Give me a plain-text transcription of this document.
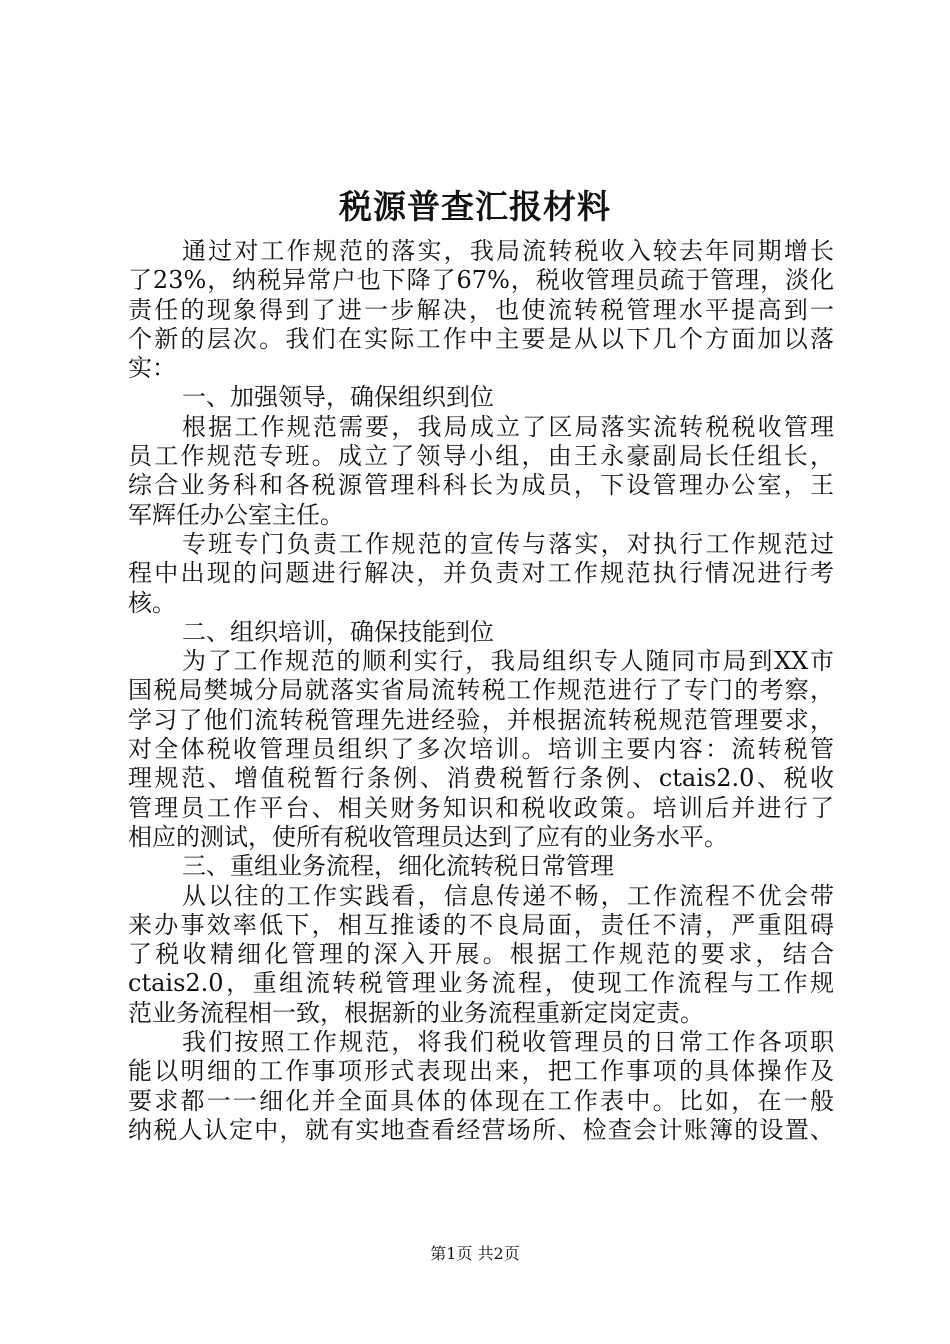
税源普查汇报材料
通过对工作规范的落实，我局流转税收入较去年同期增长
了23%，纳税异常户也下降了67%，税收管理员疏于管理，淡化
责任的现象得到了进一步解决，也使流转税管理水平提高到一
个新的层次。我们在实际工作中主要是从以下几个方面加以落
实：
一、加强领导，确保组织到位
根据工作规范需要，我局成立了区局落实流转税税收管理
员工作规范专班。成立了领导小组，由王永豪副局长任组长，
综合业务科和各税源管理科科长为成员，下设管理办公室，王
军辉任办公室主任。
专班专门负责工作规范的宣传与落实，对执行工作规范过
程中出现的问题进行解决，并负责对工作规范执行情况进行考
核。
二、组织培训，确保技能到位
为了工作规范的顺利实行，我局组织专人随同市局到XX市
国税局樊城分局就落实省局流转税工作规范进行了专门的考察，
学习了他们流转税管理先进经验，并根据流转税规范管理要求，
对全体税收管理员组织了多次培训。培训主要内容：流转税管
理规范、增值税暂行条例、消费税暂行条例、ctais2.0、税收
管理员工作平台、相关财务知识和税收政策。培训后并进行了
相应的测试，使所有税收管理员达到了应有的业务水平。
三、重组业务流程，细化流转税日常管理
从以往的工作实践看，信息传递不畅，工作流程不优会带
来办事效率低下，相互推诿的不良局面，责任不清，严重阻碍
了税收精细化管理的深入开展。根据工作规范的要求，结合
ctais2.0，重组流转税管理业务流程，使现工作流程与工作规
范业务流程相一致，根据新的业务流程重新定岗定责。
我们按照工作规范，将我们税收管理员的日常工作各项职
能以明细的工作事项形式表现出来，把工作事项的具体操作及
要求都一一细化并全面具体的体现在工作表中。比如，在一般
纳税人认定中，就有实地查看经营场所、检查会计账簿的设置、
第1页 共2页
